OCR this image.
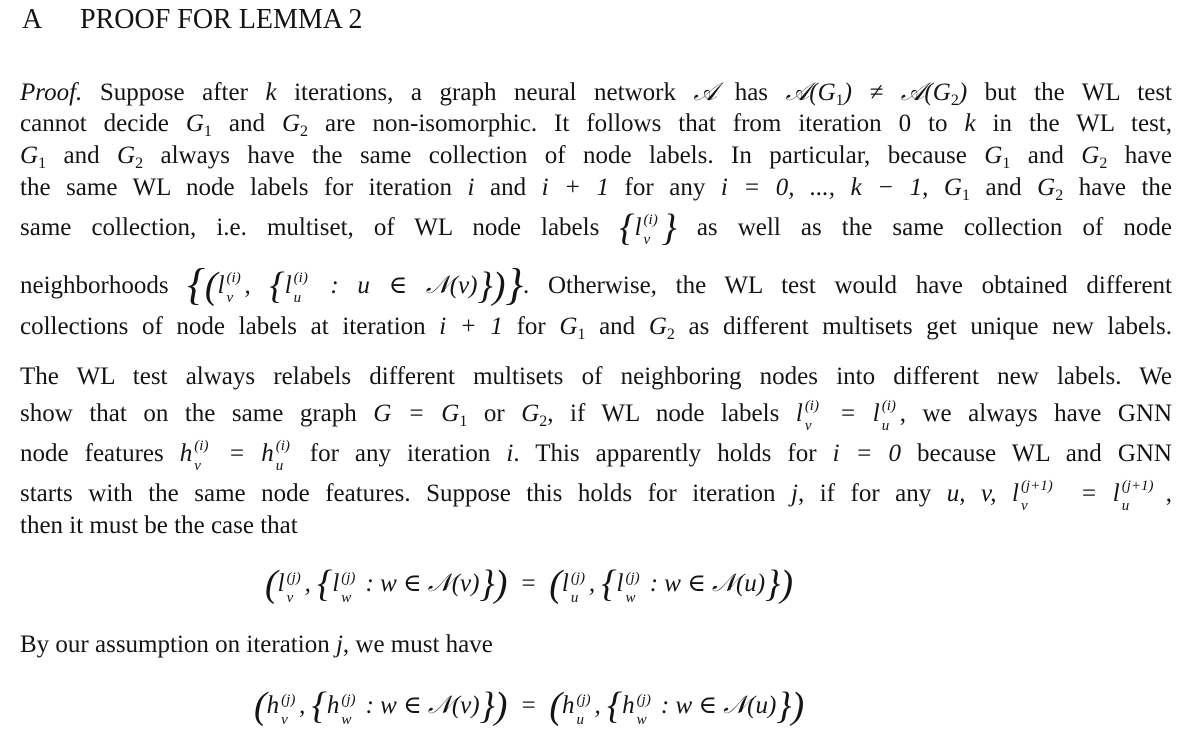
A PROOF FOR LEMMA 2
Proof. Suppose after k iterations, a graph neural network 𝒜 has $𝒜(G_1)$ ≠ $𝒜(G_2)$ but the WL test
cannot decide $G_1$ and $G_2$ are non-isomorphic. It follows that from iteration 0 to k in the WL test,
$G_1$ and $G_2$ always have the same collection of node labels. In particular, because $G_1$ and $G_2$ have
the same WL node labels for iteration i and i + 1 for any i = 0, ..., k − 1, $G_1$ and $G_2$ have the
same collection, i.e. multiset, of WL node labels {l (i)
v } as well as the same collection of node
neighborhoods {(l (i)
v , {l (i)
u : u ∈ 𝒩(v)})}. Otherwise, the WL test would have obtained different
collections of node labels at iteration i + 1 for $G_1$ and $G_2$ as different multisets get unique new labels.
The WL test always relabels different multisets of neighboring nodes into different new labels. We
show that on the same graph $G = G_1$ or $G_2$, if WL node labels l (i)
v = l (i)
u , we always have GNN
node features h (i)
v = h (i)
u for any iteration i. This apparently holds for i = 0 because WL and GNN
starts with the same node features. Suppose this holds for iteration j, if for any u, v, l (j+1)
v = l (j+1)
u ,
then it must be the case that
(l (j)
v
, {l (j)
w
: w ∈ 𝒩(v)})  =  (l (j)
u
, {l (j)
w
: w ∈ 𝒩(u)})
By our assumption on iteration j, we must have
(h (j)
v
, {h (j)
w
: w ∈ 𝒩(v)})  =  (h (j)
u
, {h (j)
w
: w ∈ 𝒩(u)})
